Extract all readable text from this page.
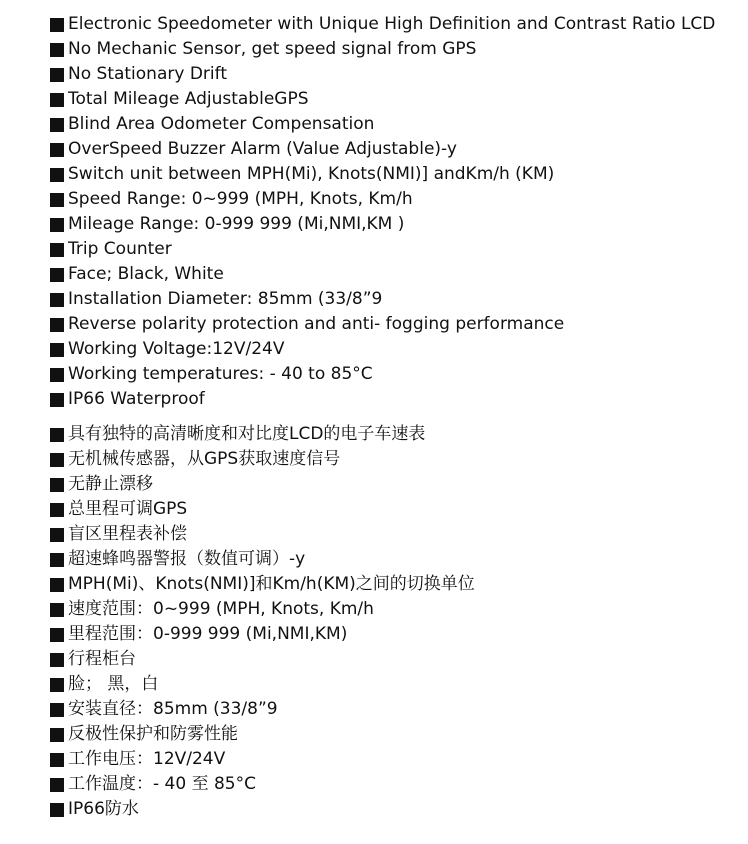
Electronic Speedometer with Unique High Definition and Contrast Ratio LCD
No Mechanic Sensor, get speed signal from GPS
No Stationary Drift
Total Mileage AdjustableGPS
Blind Area Odometer Compensation
OverSpeed Buzzer Alarm (Value Adjustable)-y
Switch unit between MPH(Mi), Knots(NMI)] andKm/h (KM)
Speed Range: 0~999 (MPH, Knots, Km/h
Mileage Range: 0-999 999 (Mi,NMI,KM )
Trip Counter
Face; Black, White
Installation Diameter: 85mm (33/8”9
Reverse polarity protection and anti- fogging performance
Working Voltage:12V/24V
Working temperatures: - 40 to 85°C
IP66 Waterproof
具有独特的高清晰度和对比度LCD的电子车速表
无机械传感器，从GPS获取速度信号
无静止漂移
总里程可调GPS
盲区里程表补偿
超速蜂鸣器警报（数值可调）-y
MPH(Mi)、Knots(NMI)]和Km/h(KM)之间的切换单位
速度范围：0~999 (MPH, Knots, Km/h
里程范围：0-999 999 (Mi,NMI,KM)
行程柜台
脸； 黑，白
安装直径：85mm (33/8”9
反极性保护和防雾性能
工作电压：12V/24V
工作温度：- 40 至 85°C
IP66防水
